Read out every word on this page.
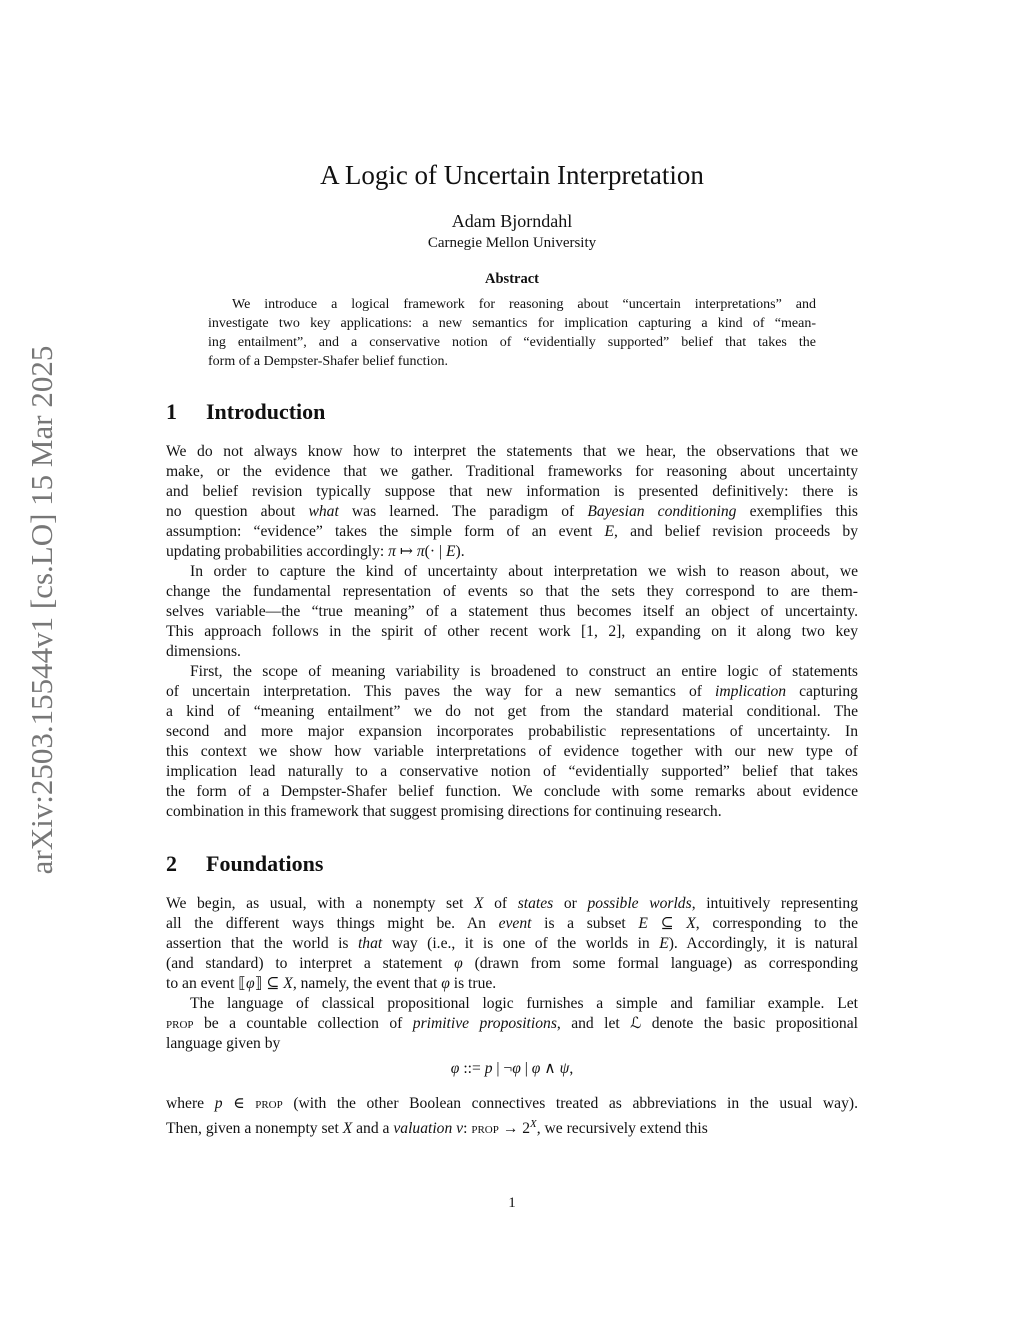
arXiv:2503.15544v1 [cs.LO] 15 Mar 2025
A Logic of Uncertain Interpretation
Adam Bjorndahl
Carnegie Mellon University
Abstract
We introduce a logical framework for reasoning about “uncertain interpretations” and
investigate two key applications: a new semantics for implication capturing a kind of “mean-
ing entailment”, and a conservative notion of “evidentially supported” belief that takes the
form of a Dempster-Shafer belief function.
1 Introduction
We do not always know how to interpret the statements that we hear, the observations that we
make, or the evidence that we gather. Traditional frameworks for reasoning about uncertainty
and belief revision typically suppose that new information is presented definitively: there is
no question about what was learned. The paradigm of Bayesian conditioning exemplifies this
assumption: “evidence” takes the simple form of an event E, and belief revision proceeds by
updating probabilities accordingly: π ↦ π(· | E).
In order to capture the kind of uncertainty about interpretation we wish to reason about, we
change the fundamental representation of events so that the sets they correspond to are them-
selves variable—the “true meaning” of a statement thus becomes itself an object of uncertainty.
This approach follows in the spirit of other recent work [1, 2], expanding on it along two key
dimensions.
First, the scope of meaning variability is broadened to construct an entire logic of statements
of uncertain interpretation. This paves the way for a new semantics of implication capturing
a kind of “meaning entailment” we do not get from the standard material conditional. The
second and more major expansion incorporates probabilistic representations of uncertainty. In
this context we show how variable interpretations of evidence together with our new type of
implication lead naturally to a conservative notion of “evidentially supported” belief that takes
the form of a Dempster-Shafer belief function. We conclude with some remarks about evidence
combination in this framework that suggest promising directions for continuing research.
2 Foundations
We begin, as usual, with a nonempty set X of states or possible worlds, intuitively representing
all the different ways things might be. An event is a subset E ⊆ X, corresponding to the
assertion that the world is that way (i.e., it is one of the worlds in E). Accordingly, it is natural
(and standard) to interpret a statement φ (drawn from some formal language) as corresponding
to an event ⟦φ⟧ ⊆ X, namely, the event that φ is true.
The language of classical propositional logic furnishes a simple and familiar example. Let
prop be a countable collection of primitive propositions, and let ℒ denote the basic propositional
language given by
φ ::= p | ¬φ | φ ∧ ψ,
where p ∈ prop (with the other Boolean connectives treated as abbreviations in the usual way).
Then, given a nonempty set X and a valuation v: prop → $2^X$, we recursively extend this
1
